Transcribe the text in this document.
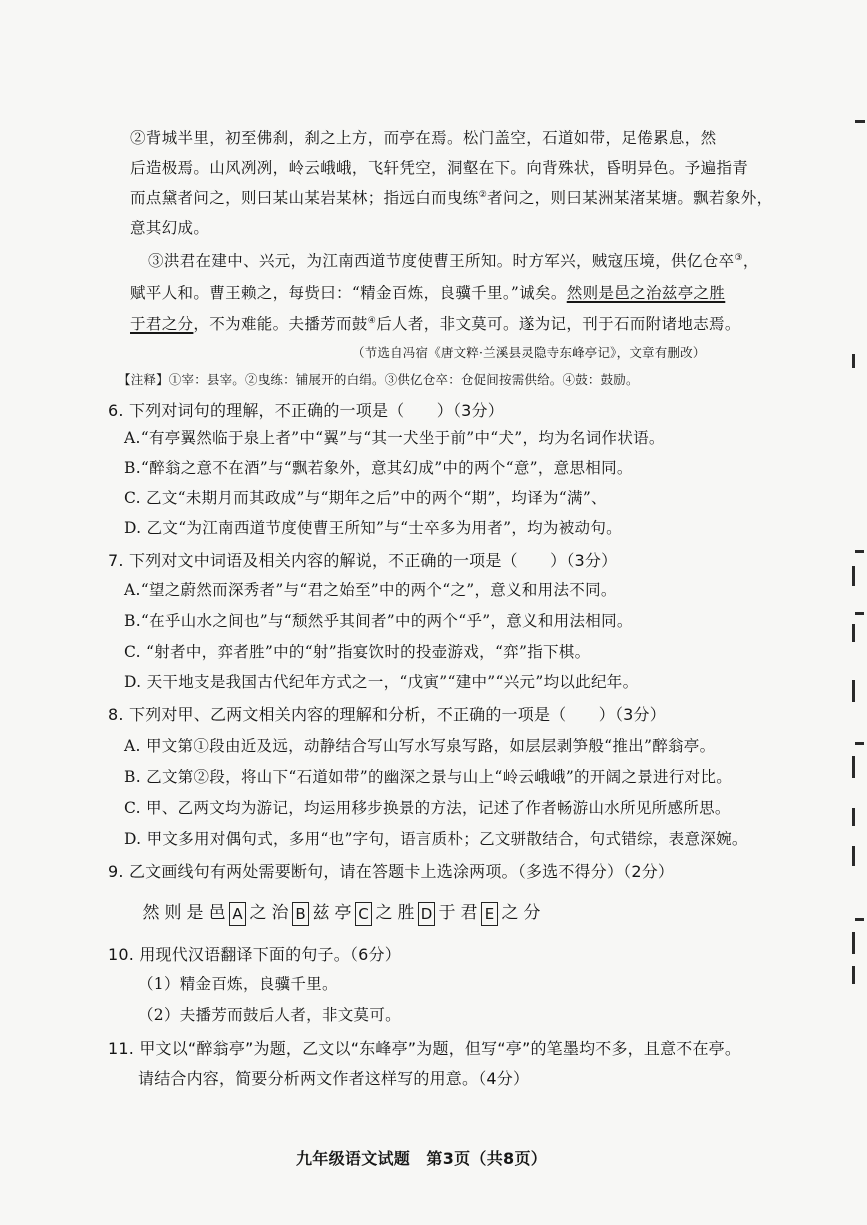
②背城半里，初至佛刹，刹之上方，而亭在焉。松门盖空，石道如带，足倦累息，然
后造极焉。山风冽冽，岭云峨峨，飞轩凭空，洞壑在下。向背殊状，昏明异色。予遍指青
而点黛者问之，则曰某山某岩某林；指远白而曳练②者问之，则曰某洲某渚某塘。飘若象外，
意其幻成。
③洪君在建中、兴元，为江南西道节度使曹王所知。时方军兴，贼寇压境，供亿仓卒③，
赋平人和。曹王赖之，每赀曰：“精金百炼，良骥千里。”诚矣。然则是邑之治兹亭之胜
于君之分，不为难能。夫播芳而鼓④后人者，非文莫可。遂为记，刊于石而附诸地志焉。
（节选自冯宿《唐文粹·兰溪县灵隐寺东峰亭记》，文章有删改）
【注释】①宰：县宰。②曳练：铺展开的白绢。③供亿仓卒：仓促间按需供给。④鼓：鼓励。
6. 下列对词句的理解，不正确的一项是（　　）（3分）
A.“有亭翼然临于泉上者”中“翼”与“其一犬坐于前”中“犬”，均为名词作状语。
B.“醉翁之意不在酒”与“飘若象外，意其幻成”中的两个“意”，意思相同。
C. 乙文“未期月而其政成”与“期年之后”中的两个“期”，均译为“满”、
D. 乙文“为江南西道节度使曹王所知”与“士卒多为用者”，均为被动句。
7. 下列对文中词语及相关内容的解说，不正确的一项是（　　）（3分）
A.“望之蔚然而深秀者”与“君之始至”中的两个“之”，意义和用法不同。
B.“在乎山水之间也”与“颓然乎其间者”中的两个“乎”，意义和用法相同。
C. “射者中，弈者胜”中的“射”指宴饮时的投壶游戏，“弈”指下棋。
D. 天干地支是我国古代纪年方式之一，“戊寅”“建中”“兴元”均以此纪年。
8. 下列对甲、乙两文相关内容的理解和分析，不正确的一项是（　　）（3分）
A. 甲文第①段由近及远，动静结合写山写水写泉写路，如层层剥笋般“推出”醉翁亭。
B. 乙文第②段，将山下“石道如带”的幽深之景与山上“岭云峨峨”的开阔之景进行对比。
C. 甲、乙两文均为游记，均运用移步换景的方法，记述了作者畅游山水所见所感所思。
D. 甲文多用对偶句式，多用“也”字句，语言质朴；乙文骈散结合，句式错综，表意深婉。
9. 乙文画线句有两处需要断句，请在答题卡上选涂两项。（多选不得分）（2分）
然 则 是 邑 A 之 治 B 兹 亭 C 之 胜 D 于 君 E 之 分
10. 用现代汉语翻译下面的句子。（6分）
（1）精金百炼，良骥千里。
（2）夫播芳而鼓后人者，非文莫可。
11. 甲文以“醉翁亭”为题，乙文以“东峰亭”为题，但写“亭”的笔墨均不多，且意不在亭。
请结合内容，简要分析两文作者这样写的用意。（4分）
九年级语文试题　第3页（共8页）
